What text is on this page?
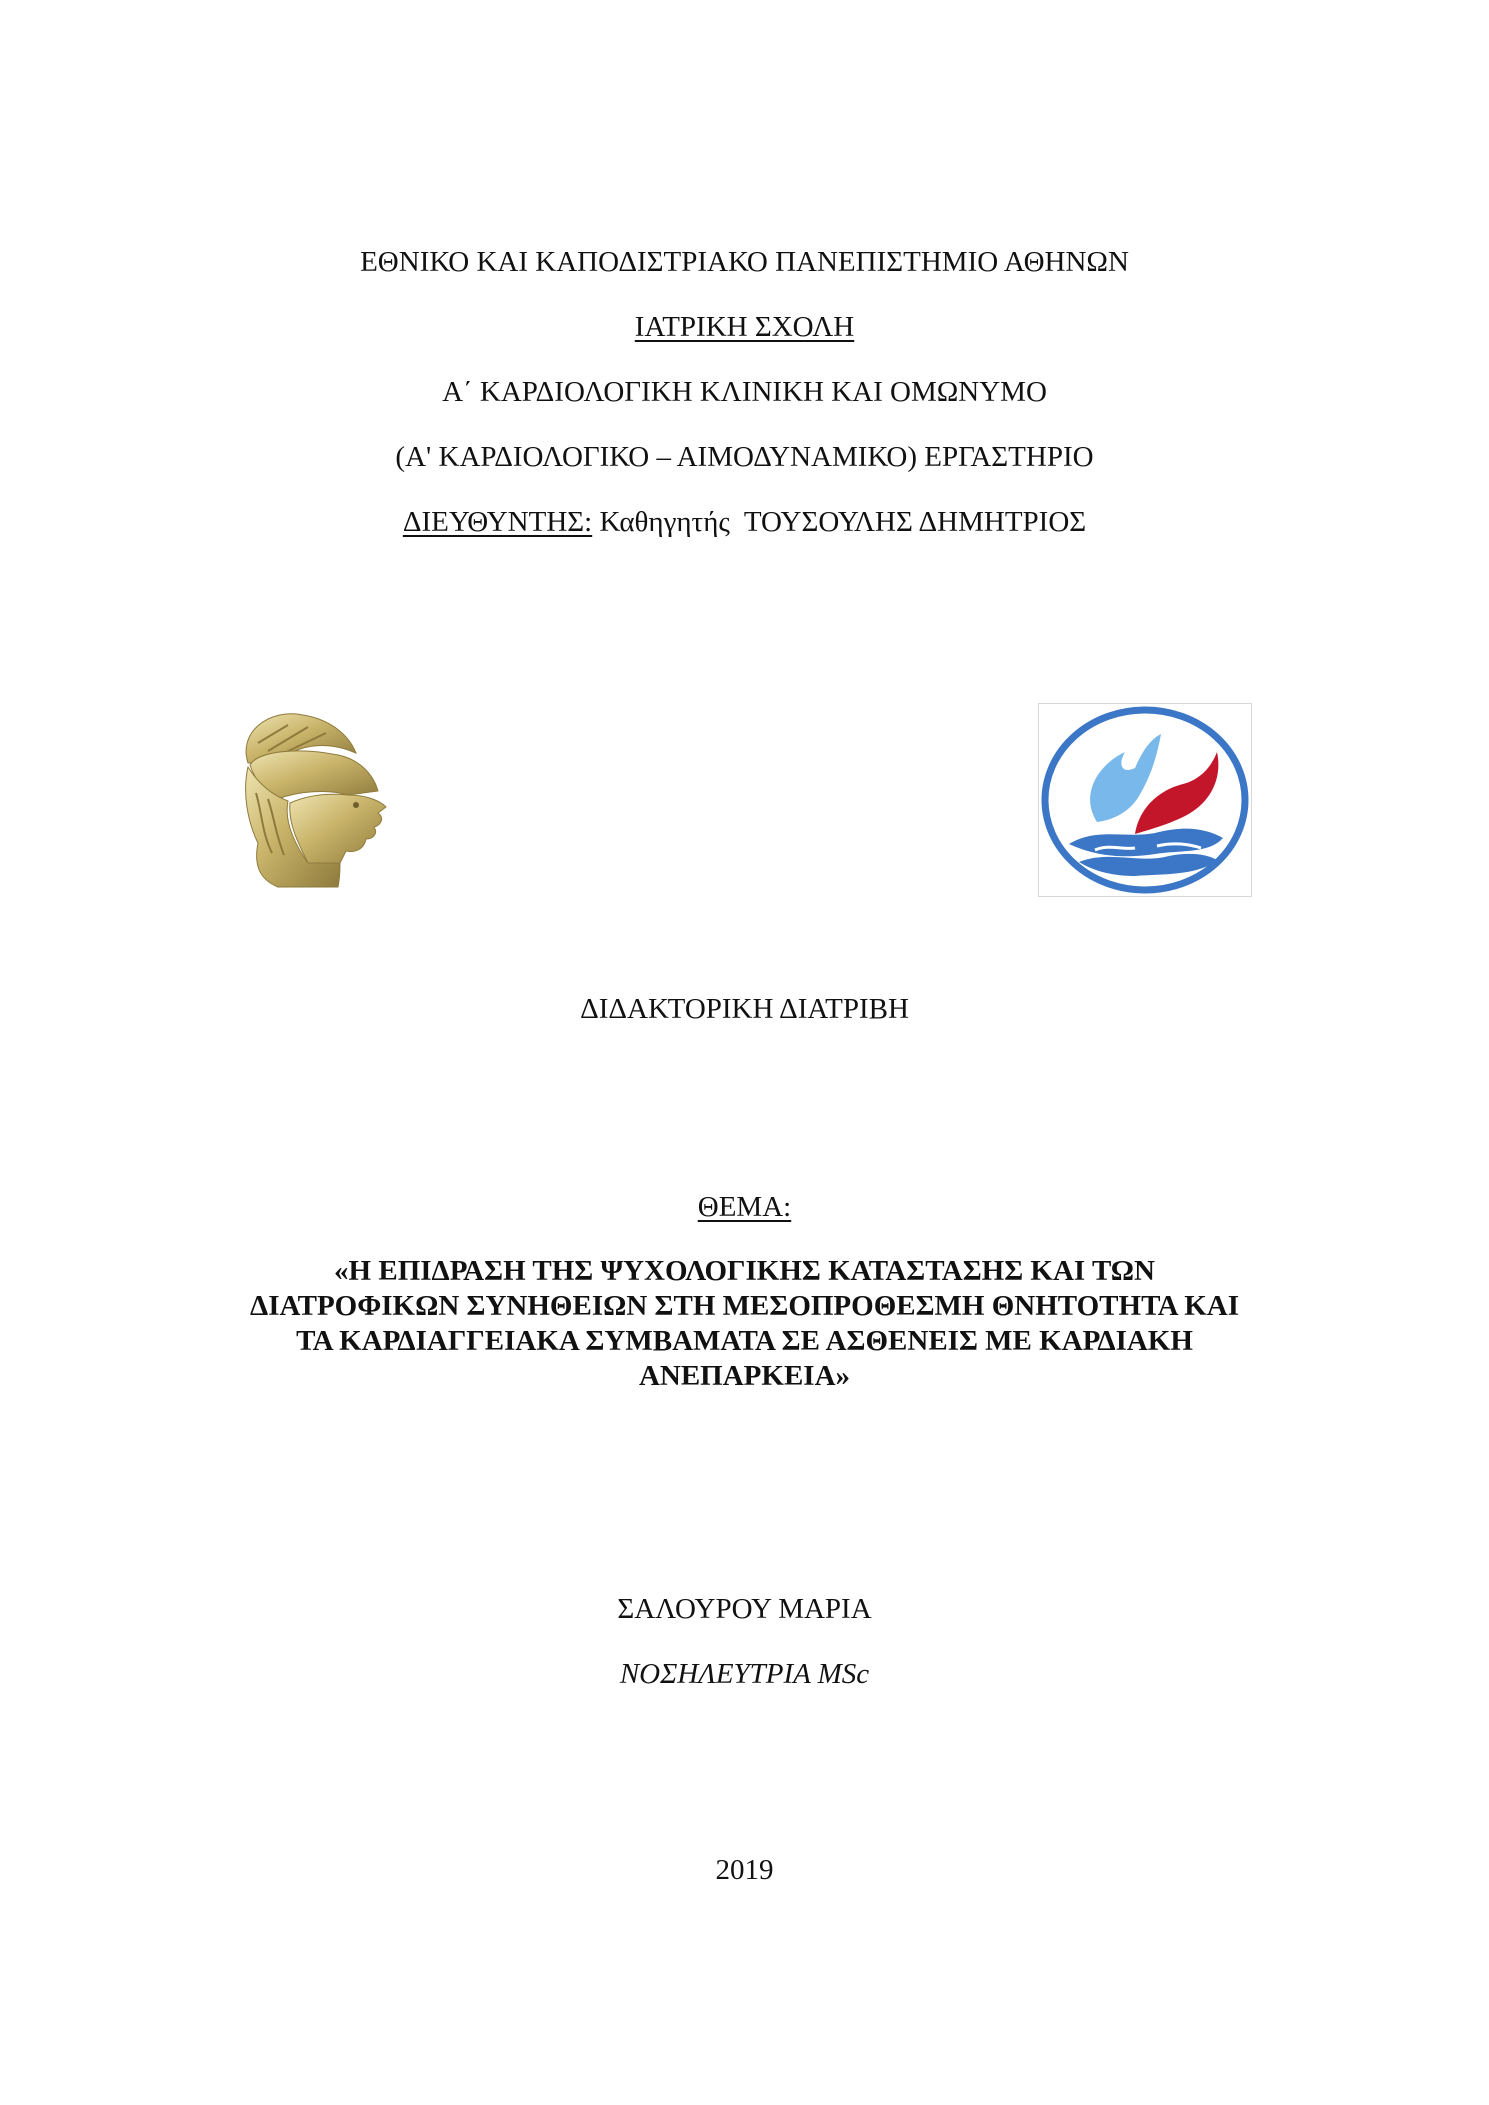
ΕΘΝΙΚΟ ΚΑΙ ΚΑΠΟΔΙΣΤΡΙΑΚΟ ΠΑΝΕΠΙΣΤΗΜΙΟ ΑΘΗΝΩΝ
ΙΑΤΡΙΚΗ ΣΧΟΛΗ
Α΄ ΚΑΡΔΙΟΛΟΓΙΚΗ ΚΛΙΝΙΚΗ ΚΑΙ ΟΜΩΝΥΜΟ
(Α' ΚΑΡΔΙΟΛΟΓΙΚΟ – ΑΙΜΟΔΥΝΑΜΙΚΟ) ΕΡΓΑΣΤΗΡΙΟ
ΔΙΕΥΘΥΝΤΗΣ: Καθηγητής  ΤΟΥΣΟΥΛΗΣ ΔΗΜΗΤΡΙΟΣ
ΔΙΔΑΚΤΟΡΙΚΗ ΔΙΑΤΡΙΒΗ
ΘΕΜΑ:
«Η ΕΠΙΔΡΑΣΗ ΤΗΣ ΨΥΧΟΛΟΓΙΚΗΣ ΚΑΤΑΣΤΑΣΗΣ ΚΑΙ ΤΩΝ
ΔΙΑΤΡΟΦΙΚΩΝ ΣΥΝΗΘΕΙΩΝ ΣΤΗ ΜΕΣΟΠΡΟΘΕΣΜΗ ΘΝΗΤΟΤΗΤΑ ΚΑΙ
ΤΑ ΚΑΡΔΙΑΓΓΕΙΑΚΑ ΣΥΜΒΑΜΑΤΑ ΣΕ ΑΣΘΕΝΕΙΣ ΜΕ ΚΑΡΔΙΑΚΗ
ΑΝΕΠΑΡΚΕΙΑ»
ΣΑΛΟΥΡΟΥ ΜΑΡΙΑ
ΝΟΣΗΛΕΥΤΡΙΑ MSc
2019
